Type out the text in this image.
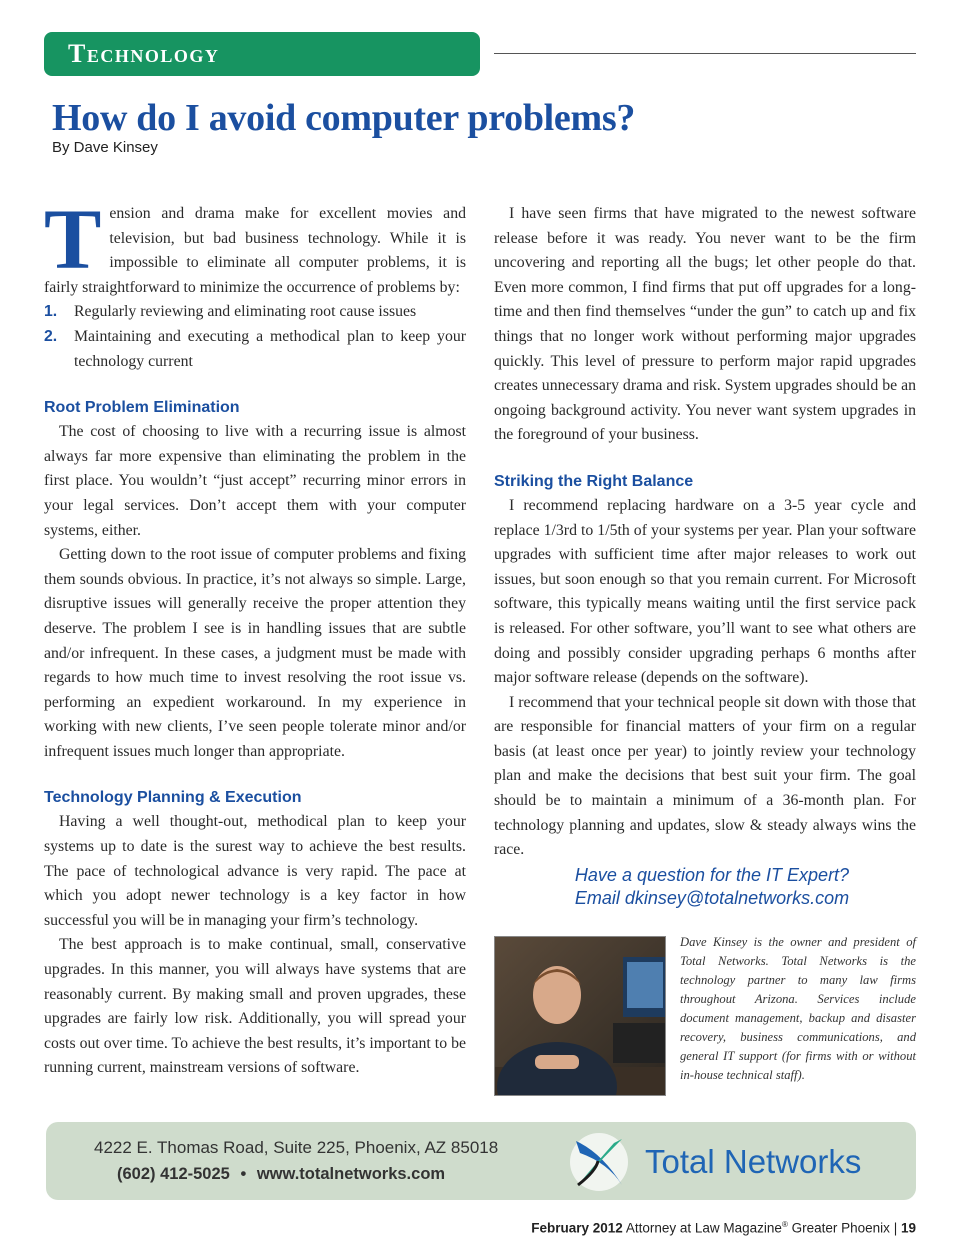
Technology
How do I avoid computer problems?
By Dave Kinsey

Tension and drama make for excellent movies and television, but bad business technology. While it is impossible to eliminate all computer problems, it is fairly straightforward to minimize the occurrence of problems by:

1. Regularly reviewing and eliminating root cause issues
2. Maintaining and executing a methodical plan to keep your technology current
Root Problem Elimination

The cost of choosing to live with a recurring issue is almost always far more expensive than eliminating the problem in the first place. You wouldn’t “just accept” recurring minor errors in your legal services. Don’t accept them with your computer systems, either.

Getting down to the root issue of computer problems and fixing them sounds obvious. In practice, it’s not always so simple. Large, disruptive issues will generally receive the proper attention they deserve. The problem I see is in handling issues that are subtle and/or infrequent. In these cases, a judgment must be made with regards to how much time to invest resolving the root issue vs. performing an expedient workaround. In my experience in working with new clients, I’ve seen people tolerate minor and/or infrequent issues much longer than appropriate.

Technology Planning & Execution

Having a well thought-out, methodical plan to keep your systems up to date is the surest way to achieve the best results. The pace of technological advance is very rapid. The pace at which you adopt newer technology is a key factor in how successful you will be in managing your firm’s technology.

The best approach is to make continual, small, conservative upgrades. In this manner, you will always have systems that are reasonably current. By making small and proven upgrades, these upgrades are fairly low risk. Additionally, you will spread your costs out over time. To achieve the best results, it’s important to be running current, mainstream versions of software.

I have seen firms that have migrated to the newest software release before it was ready. You never want to be the firm uncovering and reporting all the bugs; let other people do that. Even more common, I find firms that put off upgrades for a long-time and then find themselves “under the gun” to catch up and fix things that no longer work without performing major upgrades quickly. This level of pressure to perform major rapid upgrades creates unnecessary drama and risk. System upgrades should be an ongoing background activity. You never want system upgrades in the foreground of your business.

Striking the Right Balance

I recommend replacing hardware on a 3-5 year cycle and replace 1/3rd to 1/5th of your systems per year. Plan your software upgrades with sufficient time after major releases to work out issues, but soon enough so that you remain current. For Microsoft software, this typically means waiting until the first service pack is released. For other software, you’ll want to see what others are doing and possibly consider upgrading perhaps 6 months after major software release (depends on the software).

I recommend that your technical people sit down with those that are responsible for financial matters of your firm on a regular basis (at least once per year) to jointly review your technology plan and make the decisions that best suit your firm. The goal should be to maintain a minimum of a 36-month plan. For technology planning and updates, slow & steady always wins the race.

Have a question for the IT Expert?
Email dkinsey@totalnetworks.com
Dave Kinsey is the owner and president of Total Networks. Total Networks is the technology partner to many law firms throughout Arizona. Services include document management, backup and disaster recovery, business communications, and general IT support (for firms with or without in-house technical staff).
4222 E. Thomas Road, Suite 225, Phoenix, AZ 85018
(602) 412-5025 • www.totalnetworks.com	Total Networks
February 2012 Attorney at Law Magazine® Greater Phoenix | 19
